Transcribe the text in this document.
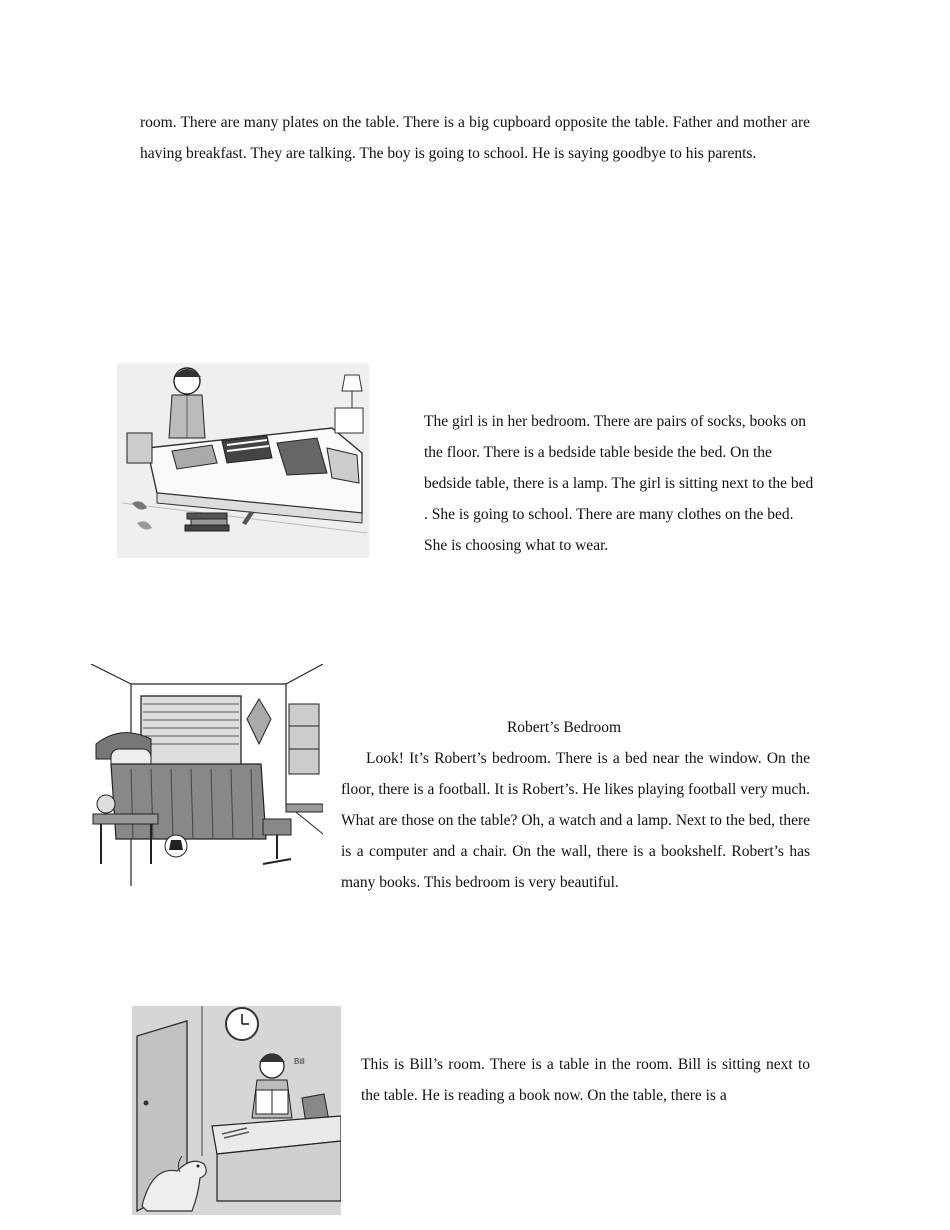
room. There are many plates on the table. There is a big cupboard opposite the table. Father and mother are having breakfast. They are talking. The boy is going to school. He is saying goodbye to his parents.

The girl is in her bedroom. There are pairs of socks, books on the floor. There is a bedside table beside the bed. On the bedside table, there is a lamp. The girl is sitting next to the bed . She is going to school. There are many clothes on the bed. She is choosing what to wear.

Robert’s Bedroom

Look! It’s Robert’s bedroom. There is a bed near the window. On the floor, there is a football. It is Robert’s. He likes playing football very much. What are those on the table? Oh, a watch and a lamp. Next to the bed, there is a computer and a chair. On the wall, there is a bookshelf. Robert’s has many books. This bedroom is very beautiful.

Bill	This is Bill’s room. There is a table in the room. Bill is sitting next to the table. He is reading a book now. On the table, there is a
